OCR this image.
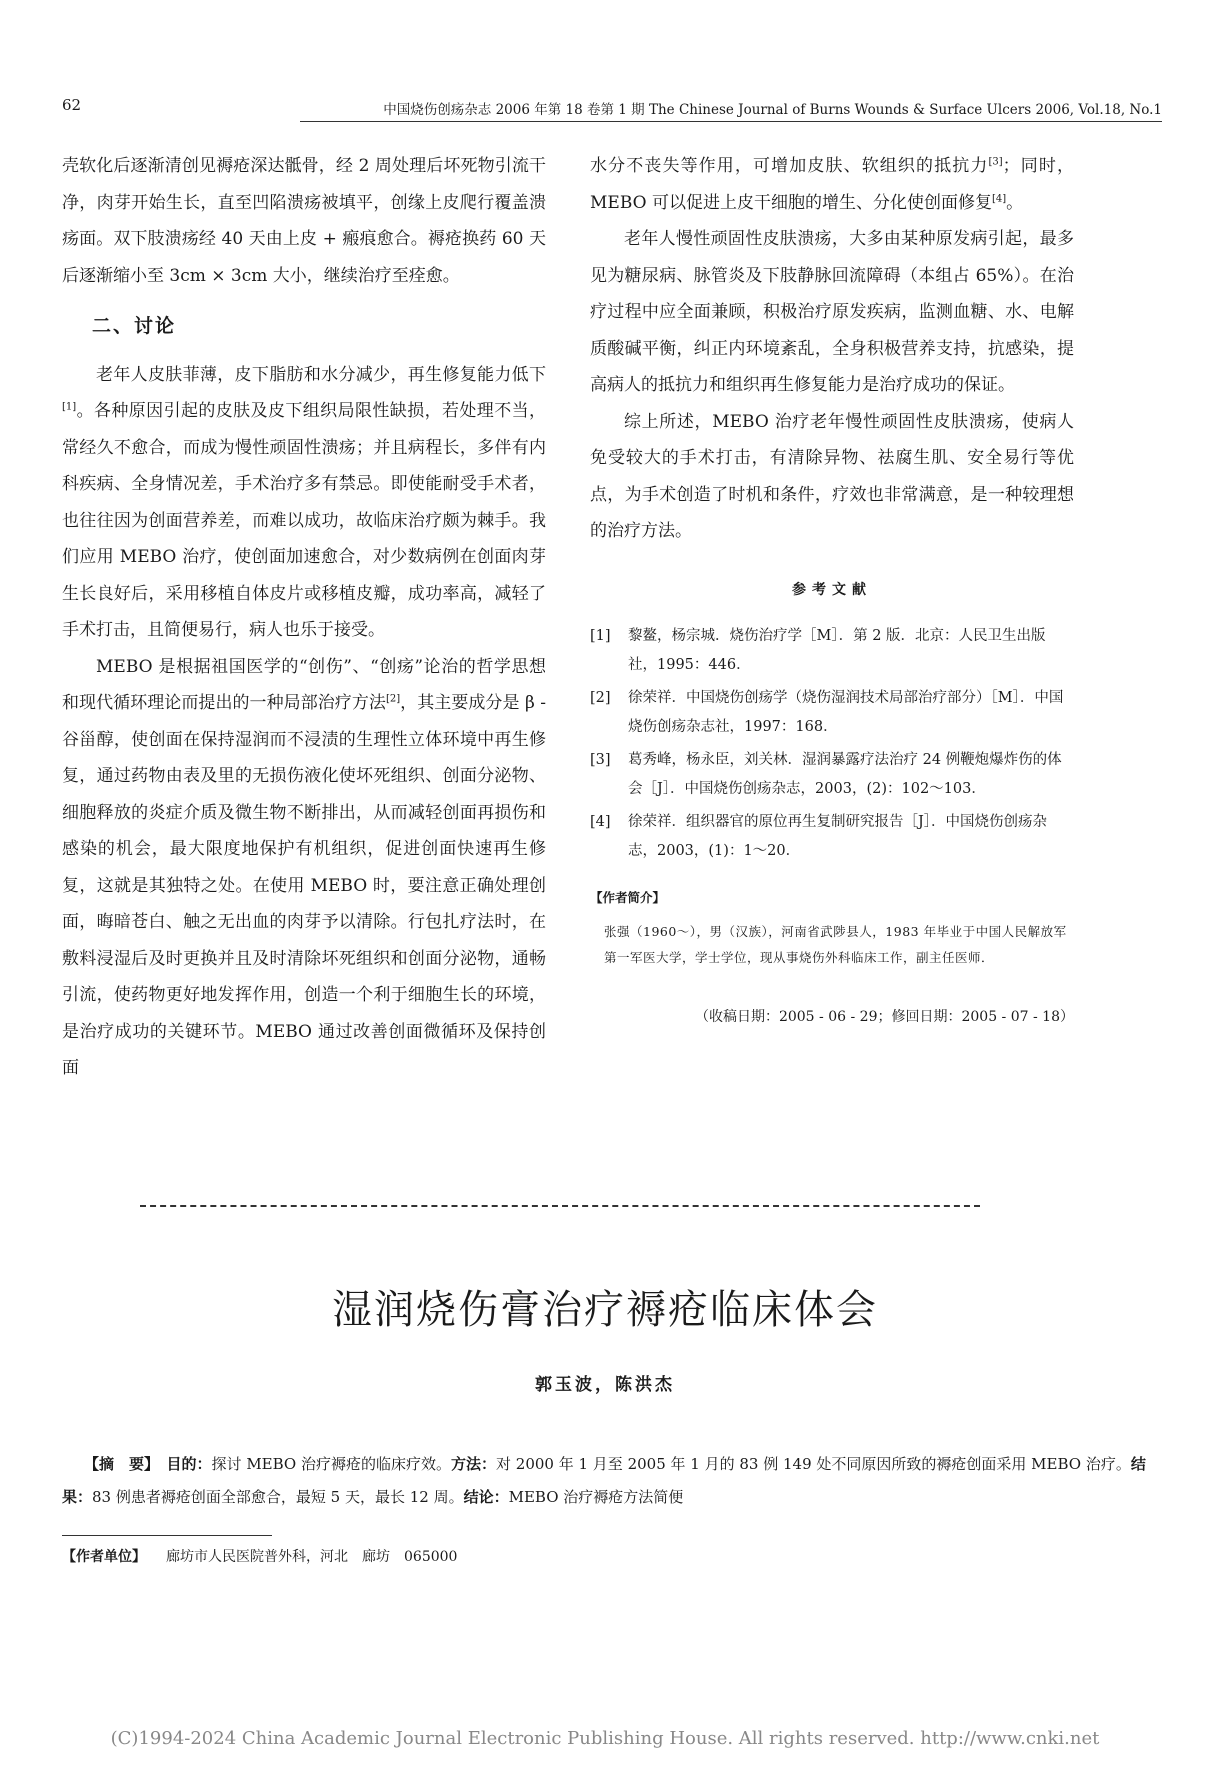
62	中国烧伤创疡杂志 2006 年第 18 卷第 1 期 The Chinese Journal of Burns Wounds & Surface Ulcers 2006, Vol.18, No.1

壳软化后逐渐清创见褥疮深达骶骨，经 2 周处理后坏死物引流干净，肉芽开始生长，直至凹陷溃疡被填平，创缘上皮爬行覆盖溃疡面。双下肢溃疡经 40 天由上皮 + 瘢痕愈合。褥疮换药 60 天后逐渐缩小至 3cm × 3cm 大小，继续治疗至痊愈。

二、讨论

老年人皮肤菲薄，皮下脂肪和水分减少，再生修复能力低下[1]。各种原因引起的皮肤及皮下组织局限性缺损，若处理不当，常经久不愈合，而成为慢性顽固性溃疡；并且病程长，多伴有内科疾病、全身情况差，手术治疗多有禁忌。即使能耐受手术者，也往往因为创面营养差，而难以成功，故临床治疗颇为棘手。我们应用 MEBO 治疗，使创面加速愈合，对少数病例在创面肉芽生长良好后，采用移植自体皮片或移植皮瓣，成功率高，减轻了手术打击，且简便易行，病人也乐于接受。

MEBO 是根据祖国医学的“创伤”、“创疡”论治的哲学思想和现代循环理论而提出的一种局部治疗方法[2]，其主要成分是 β - 谷甾醇，使创面在保持湿润而不浸渍的生理性立体环境中再生修复，通过药物由表及里的无损伤液化使坏死组织、创面分泌物、细胞释放的炎症介质及微生物不断排出，从而减轻创面再损伤和感染的机会，最大限度地保护有机组织，促进创面快速再生修复，这就是其独特之处。在使用 MEBO 时，要注意正确处理创面，晦暗苍白、触之无出血的肉芽予以清除。行包扎疗法时，在敷料浸湿后及时更换并且及时清除坏死组织和创面分泌物，通畅引流，使药物更好地发挥作用，创造一个利于细胞生长的环境，是治疗成功的关键环节。MEBO 通过改善创面微循环及保持创面

水分不丧失等作用，可增加皮肤、软组织的抵抗力[3]；同时，MEBO 可以促进上皮干细胞的增生、分化使创面修复[4]。

老年人慢性顽固性皮肤溃疡，大多由某种原发病引起，最多见为糖尿病、脉管炎及下肢静脉回流障碍（本组占 65%）。在治疗过程中应全面兼顾，积极治疗原发疾病，监测血糖、水、电解质酸碱平衡，纠正内环境紊乱，全身积极营养支持，抗感染，提高病人的抵抗力和组织再生修复能力是治疗成功的保证。

综上所述，MEBO 治疗老年慢性顽固性皮肤溃疡，使病人免受较大的手术打击，有清除异物、祛腐生肌、安全易行等优点，为手术创造了时机和条件，疗效也非常满意，是一种较理想的治疗方法。

参考文献
[1]	黎鳌，杨宗城．烧伤治疗学［M］．第 2 版．北京：人民卫生出版社，1995：446．
[2]	徐荣祥．中国烧伤创疡学（烧伤湿润技术局部治疗部分）［M］．中国烧伤创疡杂志社，1997：168．
[3]	葛秀峰，杨永臣，刘关林．湿润暴露疗法治疗 24 例鞭炮爆炸伤的体会［J］．中国烧伤创疡杂志，2003，(2)：102～103．
[4]	徐荣祥．组织器官的原位再生复制研究报告［J］．中国烧伤创疡杂志，2003，(1)：1～20．
【作者简介】
张强（1960～），男（汉族），河南省武陟县人，1983 年毕业于中国人民解放军第一军医大学，学士学位，现从事烧伤外科临床工作，副主任医师．
（收稿日期：2005 - 06 - 29；修回日期：2005 - 07 - 18）
湿润烧伤膏治疗褥疮临床体会
郭玉波，陈洪杰

【摘　要】　 目的：探讨 MEBO 治疗褥疮的临床疗效。方法：对 2000 年 1 月至 2005 年 1 月的 83 例 149 处不同原因所致的褥疮创面采用 MEBO 治疗。结果：83 例患者褥疮创面全部愈合，最短 5 天，最长 12 周。结论：MEBO 治疗褥疮方法简便

【作者单位】 廊坊市人民医院普外科，河北　廊坊　065000
(C)1994-2024 China Academic Journal Electronic Publishing House. All rights reserved. http://www.cnki.net
